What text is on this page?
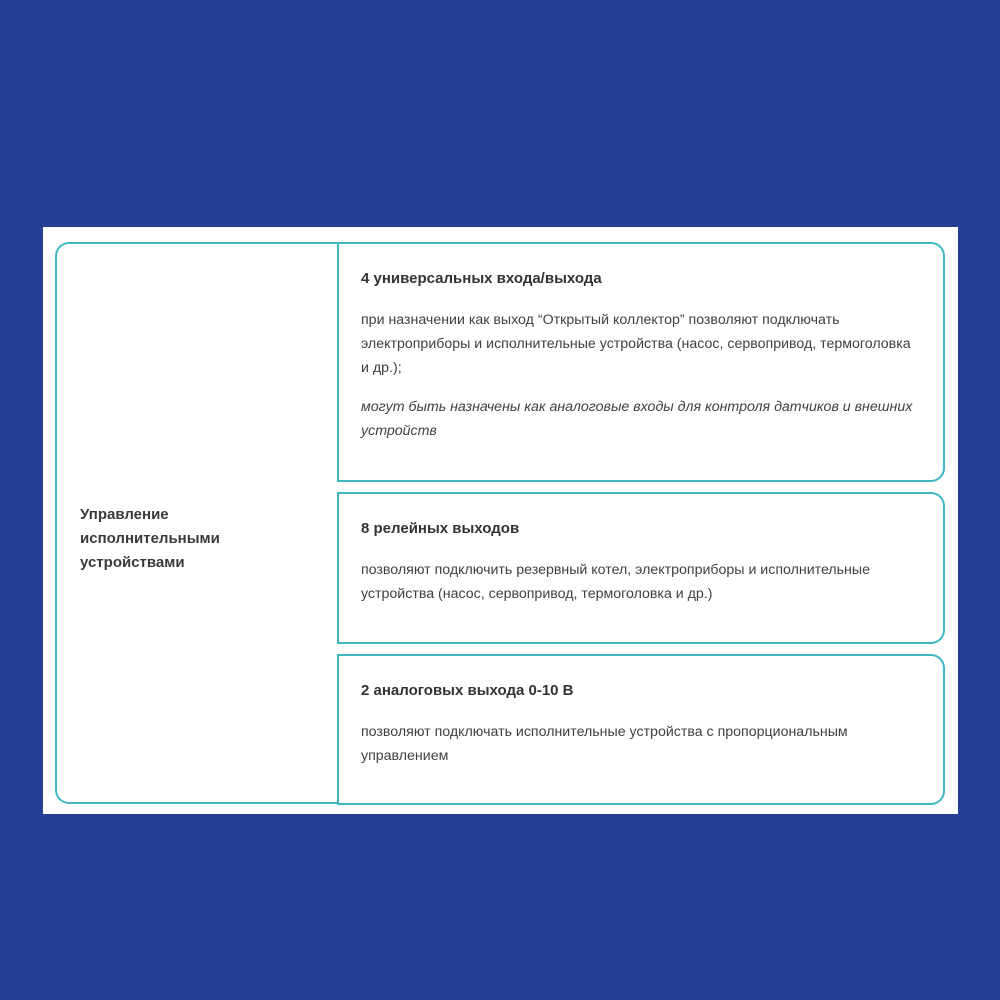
Управление исполнительными устройствами
4 универсальных входа/выхода
при назначении как выход “Открытый коллектор” позволяют подключать электроприборы и исполнительные устройства (насос, сервопривод, термоголовка и др.);
могут быть назначены как аналоговые входы для контроля датчиков и внешних устройств
8 релейных выходов
позволяют подключить резервный котел, электроприборы и исполнительные устройства (насос, сервопривод, термоголовка и др.)
2 аналоговых выхода 0-10 В
позволяют подключать исполнительные устройства с пропорциональным управлением
